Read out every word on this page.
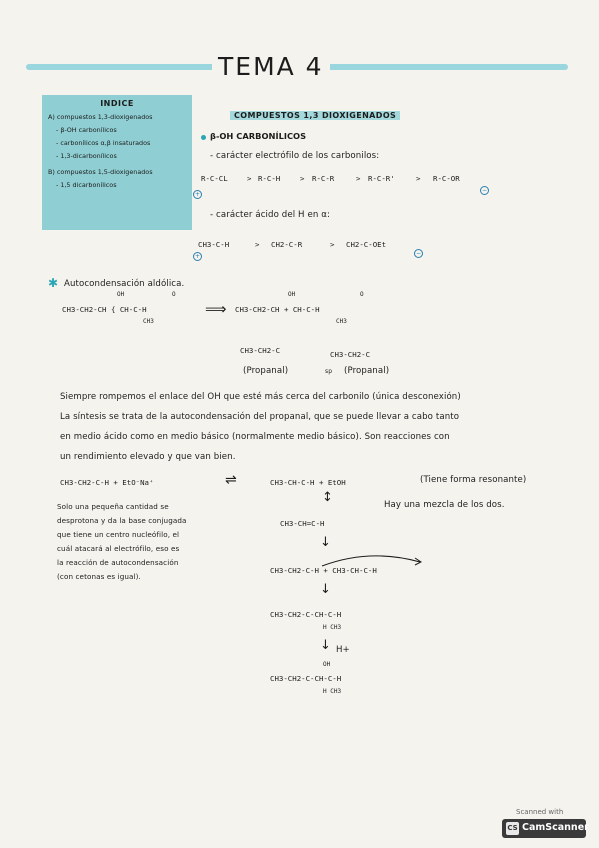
TEMA 4
INDICE
A) compuestos 1,3-dioxigenados
- β-OH carbonílicos
- carbonílicos α,β insaturados
- 1,3-dicarbonílicos
B) compuestos 1,5-dioxigenados
- 1,5 dicarbonílicos
COMPUESTOS 1,3 DIOXIGENADOS
β-OH CARBONÍLICOS
- carácter electrófilo de los carbonilos:
R-C-CL	> R-C-H	> R-C-R	> R-C-R'	> R-C-OR
+
−
- carácter ácido del H en α:
CH3-C-H	> CH2-C-R	> CH2-C-OEt
+	−
✱ Autocondensación aldólica.
OH	O
CH3-CH2-CH { CH-C-H
CH3
⟹
OH	O
CH3-CH2-CH + CH-C-H
CH3
CH3-CH2-C	CH3-CH2-C
(Propanal)	sp (Propanal)
Siempre rompemos el enlace del OH que esté más cerca del carbonilo (única desconexión)
La síntesis se trata de la autocondensación del propanal, que se puede llevar a cabo tanto
en medio ácido como en medio básico (normalmente medio básico). Son reacciones con
un rendimiento elevado y que van bien.
CH3-CH2-C-H + EtO⁻Na⁺	⇌	CH3-CH-C-H + EtOH	(Tiene forma resonante)
↕	Hay una mezcla de los dos.
Solo una pequeña cantidad se
desprotona y da la base conjugada
que tiene un centro nucleófilo, el
cuál atacará al electrófilo, eso es
la reacción de autocondensación
(con cetonas es igual).
CH3-CH=C-H
↓
CH3-CH2-C-H + CH3-CH-C-H
↓
CH3-CH2-C-CH-C-H
H CH3
↓ H+
OH
CH3-CH2-C-CH-C-H
H CH3
Scanned with
CS CamScanner
